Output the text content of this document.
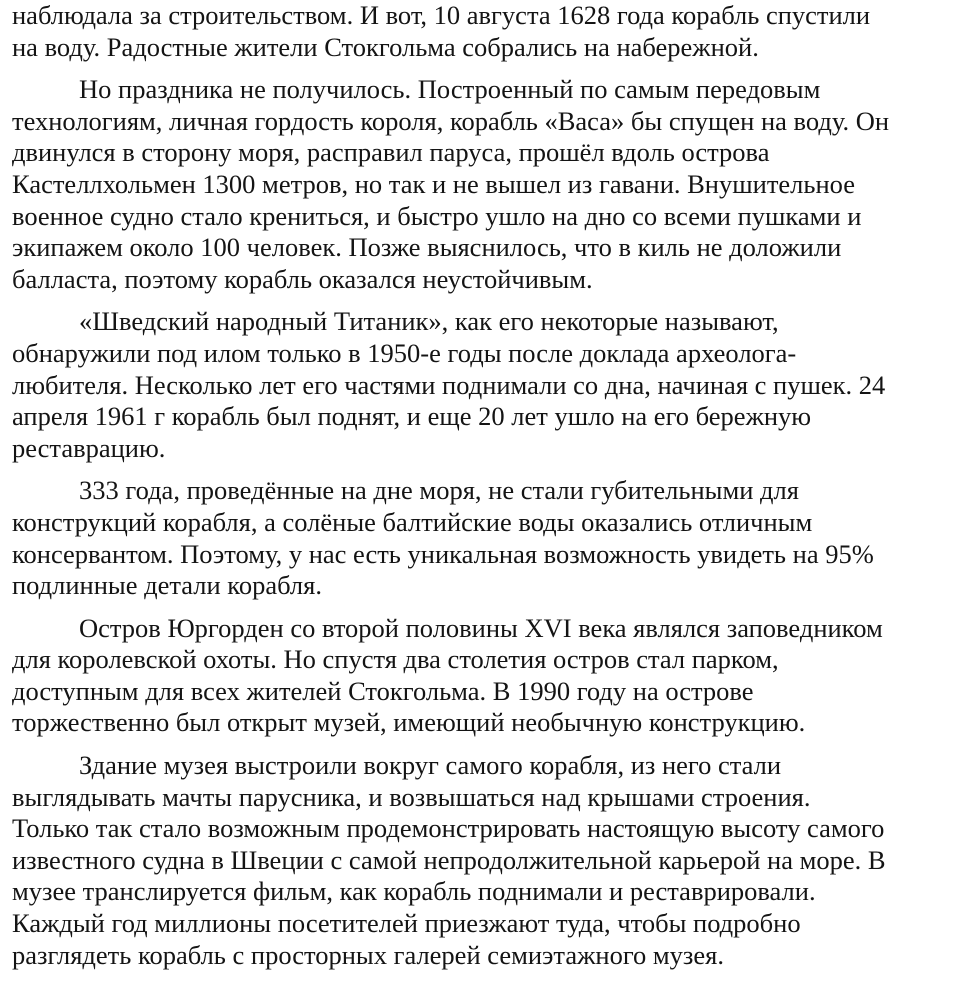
наблюдала за строительством. И вот, 10 августа 1628 года корабль спустили
на воду. Радостные жители Стокгольма собрались на набережной.

Но праздника не получилось. Построенный по самым передовым
технологиям, личная гордость короля, корабль «Васа» бы спущен на воду. Он
двинулся в сторону моря, расправил паруса, прошёл вдоль острова
Кастеллхольмен 1300 метров, но так и не вышел из гавани. Внушительное
военное судно стало крениться, и быстро ушло на дно со всеми пушками и
экипажем около 100 человек. Позже выяснилось, что в киль не доложили
балласта, поэтому корабль оказался неустойчивым.

«Шведский народный Титаник», как его некоторые называют,
обнаружили под илом только в 1950-е годы после доклада археолога-
любителя. Несколько лет его частями поднимали со дна, начиная с пушек. 24
апреля 1961 г корабль был поднят, и еще 20 лет ушло на его бережную
реставрацию.

333 года, проведённые на дне моря, не стали губительными для
конструкций корабля, а солёные балтийские воды оказались отличным
консервантом. Поэтому, у нас есть уникальная возможность увидеть на 95%
подлинные детали корабля.

Остров Юргорден со второй половины XVI века являлся заповедником
для королевской охоты. Но спустя два столетия остров стал парком,
доступным для всех жителей Стокгольма. В 1990 году на острове
торжественно был открыт музей, имеющий необычную конструкцию.

Здание музея выстроили вокруг самого корабля, из него стали
выглядывать мачты парусника, и возвышаться над крышами строения.
Только так стало возможным продемонстрировать настоящую высоту самого
известного судна в Швеции с самой непродолжительной карьерой на море. В
музее транслируется фильм, как корабль поднимали и реставрировали.
Каждый год миллионы посетителей приезжают туда, чтобы подробно
разглядеть корабль с просторных галерей семиэтажного музея.
